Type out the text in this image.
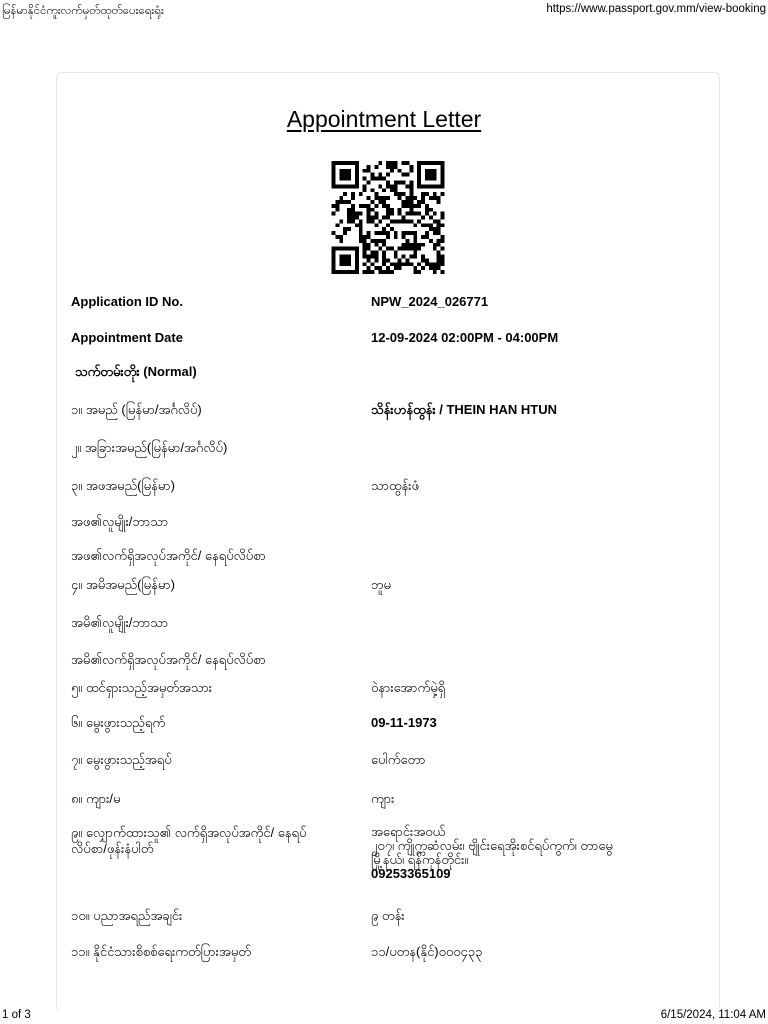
မြန်မာနိုင်ငံကူးလက်မှတ်ထုတ်ပေးရေးရုံး	https://www.passport.gov.mm/view-booking
Appointment Letter
Application ID No.	NPW_2024_026771
Appointment Date	12-09-2024 02:00PM - 04:00PM
သက်တမ်းတိုး (Normal)
၁။ အမည် (မြန်မာ/အင်္ဂလိပ်)	သိန်းဟန်ထွန်း / THEIN HAN HTUN
၂။ အခြားအမည်(မြန်မာ/အင်္ဂလိပ်)
၃။ အဖအမည်(မြန်မာ)	သာထွန်းဖံ
အဖ၏လူမျိုး/ဘာသာ
အဖ၏လက်ရှိအလုပ်အကိုင်/ နေရပ်လိပ်စာ
၄။ အမိအမည်(မြန်မာ)	ဘူမ
အမိ၏လူမျိုး/ဘာသာ
အမိ၏လက်ရှိအလုပ်အကိုင်/ နေရပ်လိပ်စာ
၅။ ထင်ရှားသည့်အမှတ်အသား	ဝဲနားအောက်မှဲ့ရှိ
၆။ မွေးဖွားသည့်ရက်	09-11-1973
၇။ မွေးဖွားသည့်အရပ်	ပေါက်တော
၈။ ကျား/မ	ကျား
၉။ လျှောက်ထားသူ၏ လက်ရှိအလုပ်အကိုင်/ နေရပ်လိပ်စာ/ဖုန်းနံပါတ်
အရောင်းအဝယ်
၂၀၇၊ ကျိုက္ကဆံလမ်း၊ ဗျိုင်းရေအိုးစင်ရပ်ကွက်၊ တာမွေ
မြို့နယ်၊ ရန်ကုန်တိုင်း။
09253365109
၁၀။ ပညာအရည်အချင်း	၉ တန်း
၁၁။ နိုင်ငံသားစိစစ်ရေးကတ်ပြားအမှတ်	၁၁/ပတန(နိုင်)၀၀၀၄၃၃
1 of 3	6/15/2024, 11:04 AM
